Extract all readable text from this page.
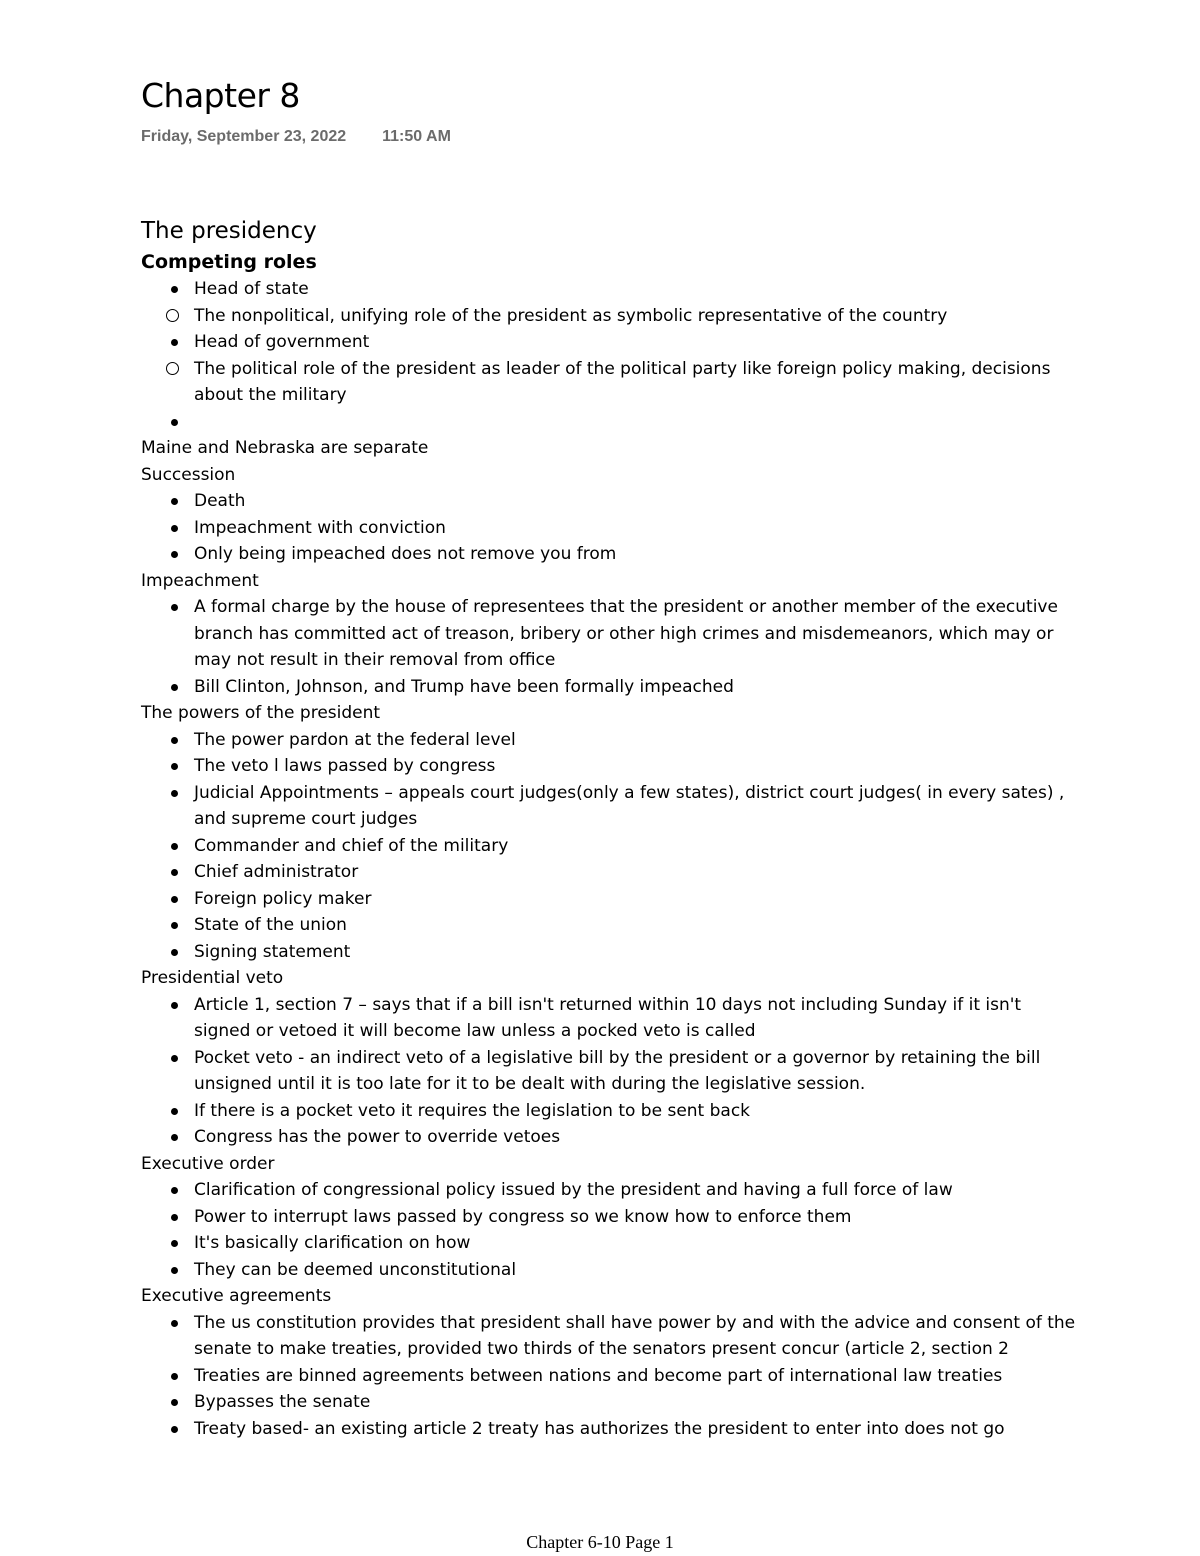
Chapter 8
Friday, September 23, 2022 11:50 AM
The presidency
Competing roles
Head of state
The nonpolitical, unifying role of the president as symbolic representative of the country
Head of government
The political role of the president as leader of the political party like foreign policy making, decisions about the military
Maine and Nebraska are separate
Succession
Death
Impeachment with conviction
Only being impeached does not remove you from
Impeachment
A formal charge by the house of representees that the president or another member of the executive branch has committed act of treason, bribery or other high crimes and misdemeanors, which may or may not result in their removal from office
Bill Clinton, Johnson, and Trump have been formally impeached
The powers of the president
The power pardon at the federal level
The veto l laws passed by congress
Judicial Appointments – appeals court judges(only a few states), district court judges( in every sates) , and supreme court judges
Commander and chief of the military
Chief administrator
Foreign policy maker
State of the union
Signing statement
Presidential veto
Article 1, section 7 – says that if a bill isn't returned within 10 days not including Sunday if it isn't signed or vetoed it will become law unless a pocked veto is called
Pocket veto - an indirect veto of a legislative bill by the president or a governor by retaining the bill unsigned until it is too late for it to be dealt with during the legislative session.
If there is a pocket veto it requires the legislation to be sent back
Congress has the power to override vetoes
Executive order
Clarification of congressional policy issued by the president and having a full force of law
Power to interrupt laws passed by congress so we know how to enforce them
It's basically clarification on how
They can be deemed unconstitutional
Executive agreements
The us constitution provides that president shall have power by and with the advice and consent of the senate to make treaties, provided two thirds of the senators present concur (article 2, section 2
Treaties are binned agreements between nations and become part of international law treaties
Bypasses the senate
Treaty based- an existing article 2 treaty has authorizes the president to enter into does not go
Chapter 6-10 Page 1
